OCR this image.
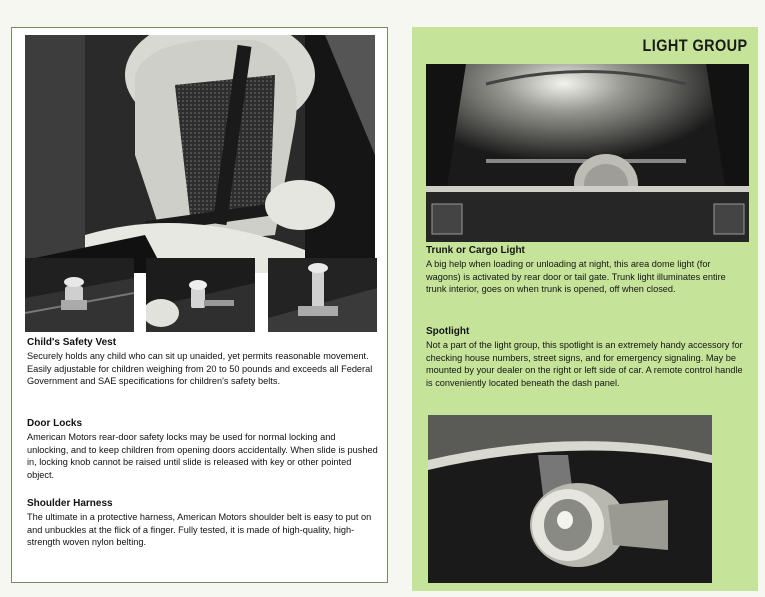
Child's Safety Vest

Securely holds any child who can sit up unaided, yet permits reasonable movement. Easily adjustable for children weighing from 20 to 50 pounds and exceeds all Federal Government and SAE specifications for children's safety belts.

Door Locks

American Motors rear-door safety locks may be used for normal locking and unlocking, and to keep children from opening doors accidentally. When slide is pushed in, locking knob cannot be raised until slide is released with key or other pointed object.

Shoulder Harness

The ultimate in a protective harness, American Motors shoulder belt is easy to put on and unbuckles at the flick of a finger. Fully tested, it is made of high-quality, high-strength woven nylon belting.

LIGHT GROUP

Trunk or Cargo Light

A big help when loading or unloading at night, this area dome light (for wagons) is activated by rear door or tail gate. Trunk light illuminates entire trunk interior, goes on when trunk is opened, off when closed.

Spotlight

Not a part of the light group, this spotlight is an extremely handy accessory for checking house numbers, street signs, and for emergency signaling. May be mounted by your dealer on the right or left side of car. A remote control handle is conveniently located beneath the dash panel.
